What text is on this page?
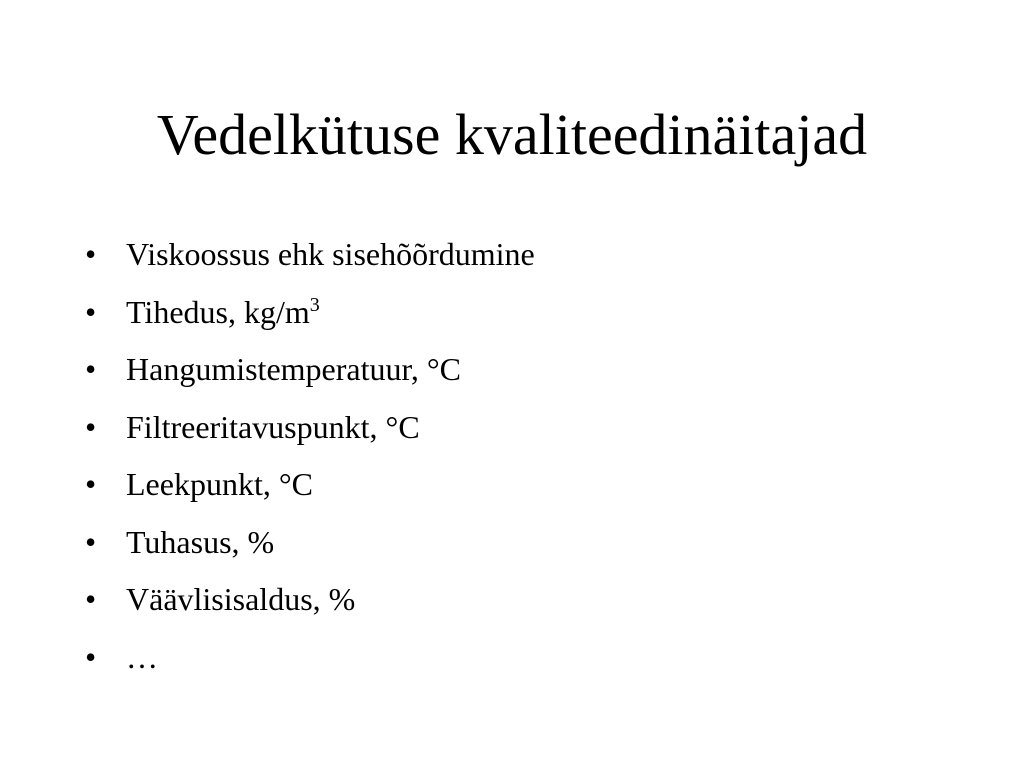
Vedelkütuse kvaliteedinäitajad
• Viskoossus ehk sisehõõrdumine
• Tihedus, $kg/m^3$
• Hangumistemperatuur, °C
• Filtreeritavuspunkt, °C
• Leekpunkt, °C
• Tuhasus, %
• Väävlisisaldus, %
• …
